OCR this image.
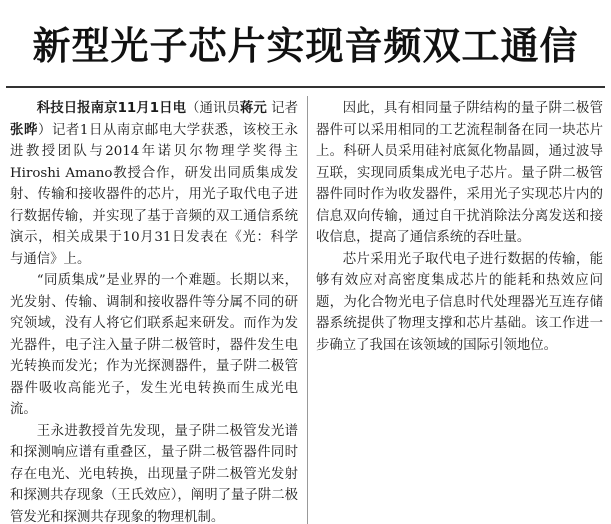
新型光子芯片实现音频双工通信

科技日报南京11月1日电（通讯员蒋元 记者张晔）记者1日从南京邮电大学获悉，该校王永进教授团队与2014年诺贝尔物理学奖得主 Hiroshi Amano教授合作，研发出同质集成发射、传输和接收器件的芯片，用光子取代电子进行数据传输，并实现了基于音频的双工通信系统演示，相关成果于10月31日发表在《光：科学与通信》上。

“同质集成”是业界的一个难题。长期以来，光发射、传输、调制和接收器件等分属不同的研究领域，没有人将它们联系起来研发。而作为发光器件，电子注入量子阱二极管时，器件发生电光转换而发光；作为光探测器件，量子阱二极管器件吸收高能光子，发生光电转换而生成光电流。

王永进教授首先发现，量子阱二极管发光谱和探测响应谱有重叠区，量子阱二极管器件同时存在电光、光电转换，出现量子阱二极管光发射和探测共存现象（王氏效应），阐明了量子阱二极管发光和探测共存现象的物理机制。

因此，具有相同量子阱结构的量子阱二极管器件可以采用相同的工艺流程制备在同一块芯片上。科研人员采用硅衬底氮化物晶圆，通过波导互联，实现同质集成光电子芯片。量子阱二极管器件同时作为收发器件，采用光子实现芯片内的信息双向传输，通过自干扰消除法分离发送和接收信息，提高了通信系统的吞吐量。

芯片采用光子取代电子进行数据的传输，能够有效应对高密度集成芯片的能耗和热效应问题，为化合物光电子信息时代处理器光互连存储器系统提供了物理支撑和芯片基础。该工作进一步确立了我国在该领域的国际引领地位。
